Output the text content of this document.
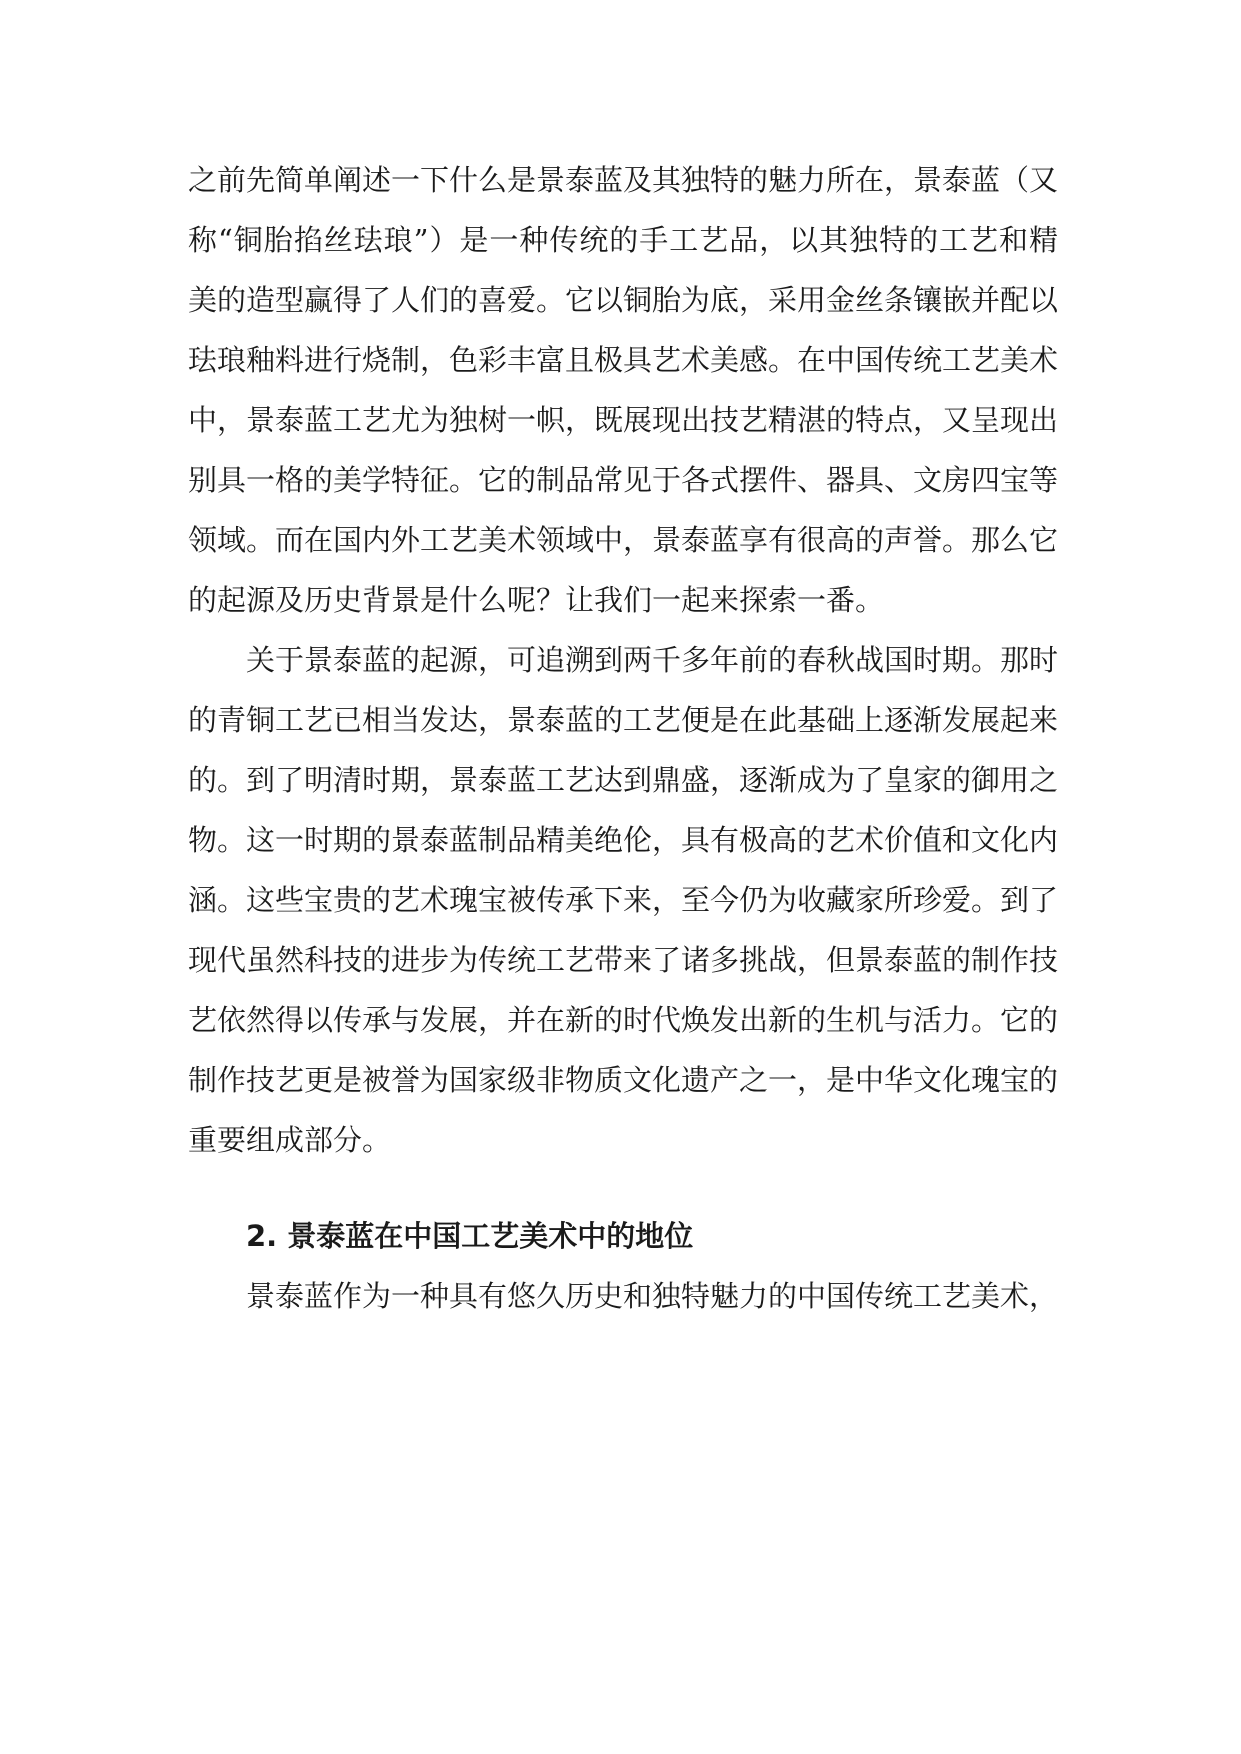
之前先简单阐述一下什么是景泰蓝及其独特的魅力所在，景泰蓝（又
称“铜胎掐丝珐琅”）是一种传统的手工艺品，以其独特的工艺和精
美的造型赢得了人们的喜爱。它以铜胎为底，采用金丝条镶嵌并配以
珐琅釉料进行烧制，色彩丰富且极具艺术美感。在中国传统工艺美术
中，景泰蓝工艺尤为独树一帜，既展现出技艺精湛的特点，又呈现出
别具一格的美学特征。它的制品常见于各式摆件、器具、文房四宝等
领域。而在国内外工艺美术领域中，景泰蓝享有很高的声誉。那么它
的起源及历史背景是什么呢？让我们一起来探索一番。
关于景泰蓝的起源，可追溯到两千多年前的春秋战国时期。那时
的青铜工艺已相当发达，景泰蓝的工艺便是在此基础上逐渐发展起来
的。到了明清时期，景泰蓝工艺达到鼎盛，逐渐成为了皇家的御用之
物。这一时期的景泰蓝制品精美绝伦，具有极高的艺术价值和文化内
涵。这些宝贵的艺术瑰宝被传承下来，至今仍为收藏家所珍爱。到了
现代虽然科技的进步为传统工艺带来了诸多挑战，但景泰蓝的制作技
艺依然得以传承与发展，并在新的时代焕发出新的生机与活力。它的
制作技艺更是被誉为国家级非物质文化遗产之一，是中华文化瑰宝的
重要组成部分。
2. 景泰蓝在中国工艺美术中的地位
景泰蓝作为一种具有悠久历史和独特魅力的中国传统工艺美术，
